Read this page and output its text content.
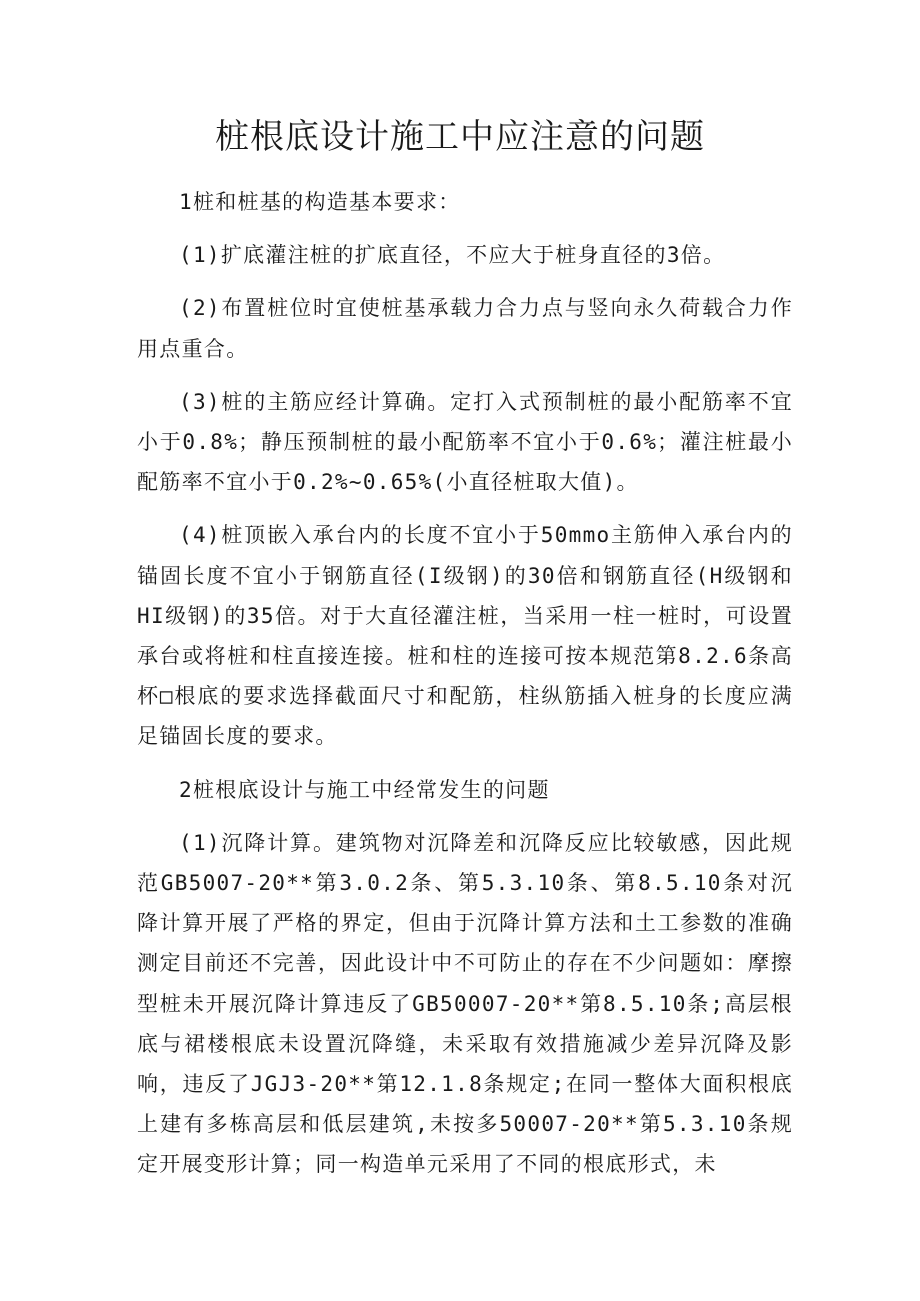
桩根底设计施工中应注意的问题

1桩和桩基的构造基本要求：

(1)扩底灌注桩的扩底直径，不应大于桩身直径的3倍。

(2)布置桩位时宜使桩基承载力合力点与竖向永久荷载合力作用点重合。

(3)桩的主筋应经计算确。定打入式预制桩的最小配筋率不宜小于0.8%；静压预制桩的最小配筋率不宜小于0.6%；灌注桩最小配筋率不宜小于0.2%~0.65%(小直径桩取大值)。

(4)桩顶嵌入承台内的长度不宜小于50mmo主筋伸入承台内的锚固长度不宜小于钢筋直径(I级钢)的30倍和钢筋直径(H级钢和HI级钢)的35倍。对于大直径灌注桩，当采用一柱一桩时，可设置承台或将桩和柱直接连接。桩和柱的连接可按本规范第8.2.6条高杯□根底的要求选择截面尺寸和配筋，柱纵筋插入桩身的长度应满足锚固长度的要求。

2桩根底设计与施工中经常发生的问题

(1)沉降计算。建筑物对沉降差和沉降反应比较敏感，因此规范GB5007-20**第3.0.2条、第5.3.10条、第8.5.10条对沉降计算开展了严格的界定，但由于沉降计算方法和土工参数的准确测定目前还不完善，因此设计中不可防止的存在不少问题如：摩擦型桩未开展沉降计算违反了GB50007-20**第8.5.10条;高层根底与裙楼根底未设置沉降缝，未采取有效措施减少差异沉降及影响，违反了JGJ3-20**第12.1.8条规定;在同一整体大面积根底上建有多栋高层和低层建筑,未按多50007-20**第5.3.10条规定开展变形计算；同一构造单元采用了不同的根底形式，未
